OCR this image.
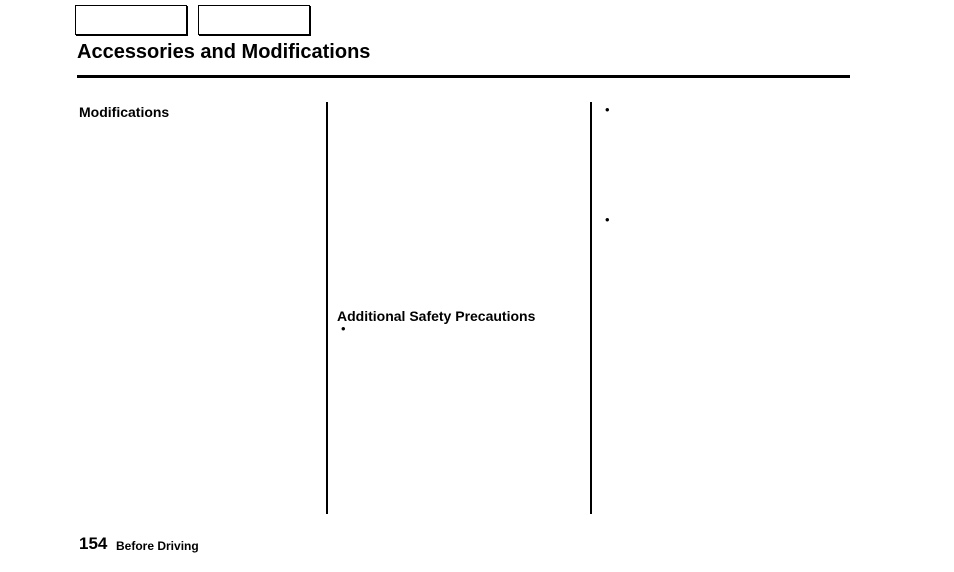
Accessories and Modifications
Modifications
Additional Safety Precautions
•
•
•
154 Before Driving
